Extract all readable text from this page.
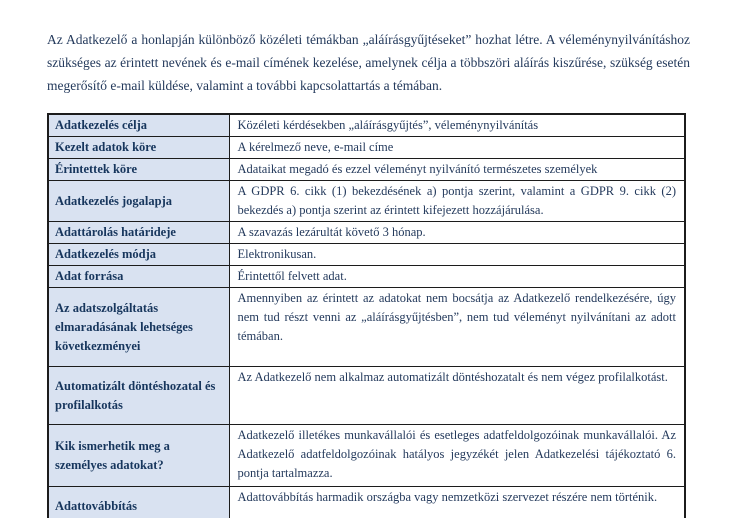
Az Adatkezelő a honlapján különböző közéleti témákban „aláírásgyűjtéseket” hozhat létre. A véleménynyilvánításhoz szükséges az érintett nevének és e-mail címének kezelése, amelynek célja a többszöri aláírás kiszűrése, szükség esetén megerősítő e-mail küldése, valamint a további kapcsolattartás a témában.

Adatkezelés célja	Közéleti kérdésekben „aláírásgyűjtés”, véleménynyilvánítás
Kezelt adatok köre	A kérelmező neve, e-mail címe
Érintettek köre	Adataikat megadó és ezzel véleményt nyilvánító természetes személyek
Adatkezelés jogalapja	A GDPR 6. cikk (1) bekezdésének a) pontja szerint, valamint a GDPR 9. cikk (2) bekezdés a) pontja szerint az érintett kifejezett hozzájárulása.
Adattárolás határideje	A szavazás lezárultát követő 3 hónap.
Adatkezelés módja	Elektronikusan.
Adat forrása	Érintettől felvett adat.
Az adatszolgáltatás elmaradásának lehetséges következményei	Amennyiben az érintett az adatokat nem bocsátja az Adatkezelő rendelkezésére, úgy nem tud részt venni az „aláírásgyűjtésben”, nem tud véleményt nyilvánítani az adott témában.
Automatizált döntéshozatal és profilalkotás	Az Adatkezelő nem alkalmaz automatizált döntéshozatalt és nem végez profilalkotást.
Kik ismerhetik meg a személyes adatokat?	Adatkezelő illetékes munkavállalói és esetleges adatfeldolgozóinak munkavállalói. Az Adatkezelő adatfeldolgozóinak hatályos jegyzékét jelen Adatkezelési tájékoztató 6. pontja tartalmazza.
Adattovábbítás	Adattovábbítás harmadik országba vagy nemzetközi szervezet részére nem történik.
